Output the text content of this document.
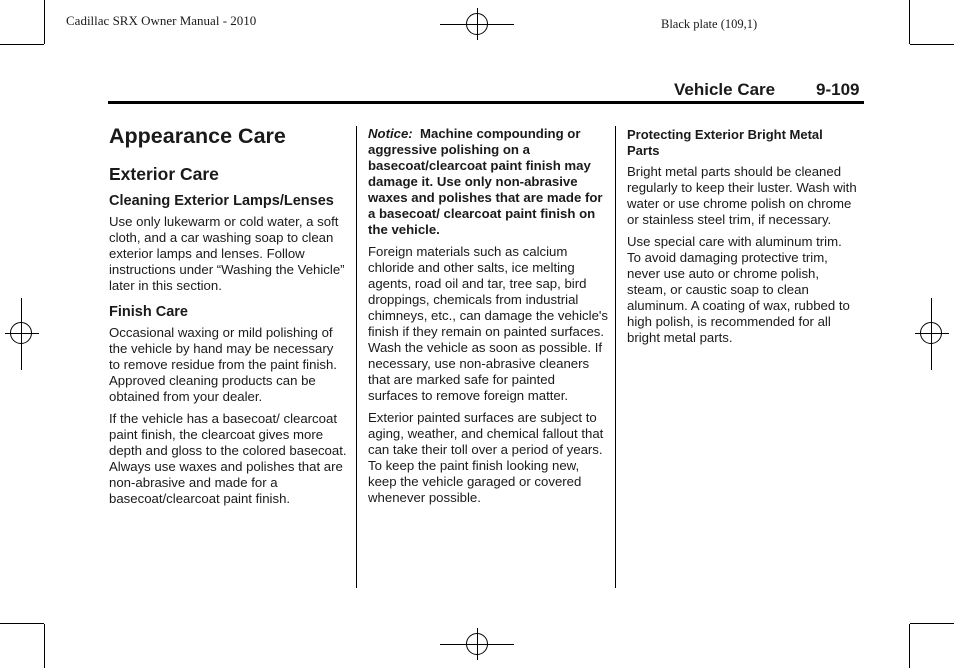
Cadillac SRX Owner Manual - 2010	Black plate (109,1)
Vehicle Care 9-109
Appearance Care
Exterior Care
Cleaning Exterior Lamps/Lenses

Use only lukewarm or cold water, a soft cloth, and a car washing soap to clean exterior lamps and lenses. Follow instructions under “Washing the Vehicle” later in this section.

Finish Care

Occasional waxing or mild polishing of the vehicle by hand may be necessary to remove residue from the paint finish. Approved cleaning products can be obtained from your dealer.

If the vehicle has a basecoat/ clearcoat paint finish, the clearcoat gives more depth and gloss to the colored basecoat. Always use waxes and polishes that are non-abrasive and made for a basecoat/clearcoat paint finish.

Notice: Machine compounding or aggressive polishing on a basecoat/clearcoat paint finish may damage it. Use only non-abrasive waxes and polishes that are made for a basecoat/ clearcoat paint finish on the vehicle.

Foreign materials such as calcium chloride and other salts, ice melting agents, road oil and tar, tree sap, bird droppings, chemicals from industrial chimneys, etc., can damage the vehicle's finish if they remain on painted surfaces. Wash the vehicle as soon as possible. If necessary, use non-abrasive cleaners that are marked safe for painted surfaces to remove foreign matter.

Exterior painted surfaces are subject to aging, weather, and chemical fallout that can take their toll over a period of years. To keep the paint finish looking new, keep the vehicle garaged or covered whenever possible.

Protecting Exterior Bright Metal Parts

Bright metal parts should be cleaned regularly to keep their luster. Wash with water or use chrome polish on chrome or stainless steel trim, if necessary.

Use special care with aluminum trim. To avoid damaging protective trim, never use auto or chrome polish, steam, or caustic soap to clean aluminum. A coating of wax, rubbed to high polish, is recommended for all bright metal parts.
